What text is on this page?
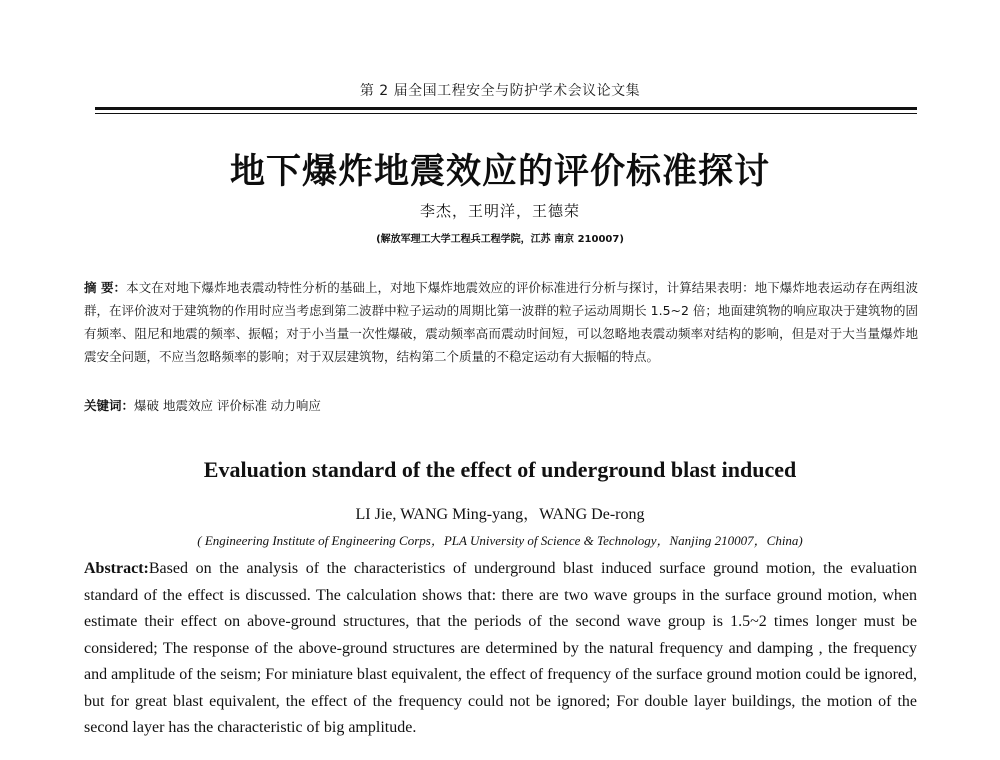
第 2 届全国工程安全与防护学术会议论文集
地下爆炸地震效应的评价标准探讨
李杰，王明洋，王德荣
(解放军理工大学工程兵工程学院，江苏 南京 210007)
摘 要：本文在对地下爆炸地表震动特性分析的基础上，对地下爆炸地震效应的评价标准进行分析与探讨，计算结果表明：地下爆炸地表运动存在两组波群，在评价波对于建筑物的作用时应当考虑到第二波群中粒子运动的周期比第一波群的粒子运动周期长 1.5~2 倍；地面建筑物的响应取决于建筑物的固有频率、阻尼和地震的频率、振幅；对于小当量一次性爆破，震动频率高而震动时间短，可以忽略地表震动频率对结构的影响，但是对于大当量爆炸地震安全问题，不应当忽略频率的影响；对于双层建筑物，结构第二个质量的不稳定运动有大振幅的特点。
关键词：爆破 地震效应 评价标准 动力响应
Evaluation standard of the effect of underground blast induced
LI Jie, WANG Ming-yang，WANG De-rong
( Engineering Institute of Engineering Corps，PLA University of Science & Technology，Nanjing 210007，China)
Abstract:Based on the analysis of the characteristics of underground blast induced surface ground motion, the evaluation standard of the effect is discussed. The calculation shows that: there are two wave groups in the surface ground motion, when estimate their effect on above-ground structures, that the periods of the second wave group is 1.5~2 times longer must be considered; The response of the above-ground structures are determined by the natural frequency and damping , the frequency and amplitude of the seism; For miniature blast equivalent, the effect of frequency of the surface ground motion could be ignored, but for great blast equivalent, the effect of the frequency could not be ignored; For double layer buildings, the motion of the second layer has the characteristic of big amplitude.
